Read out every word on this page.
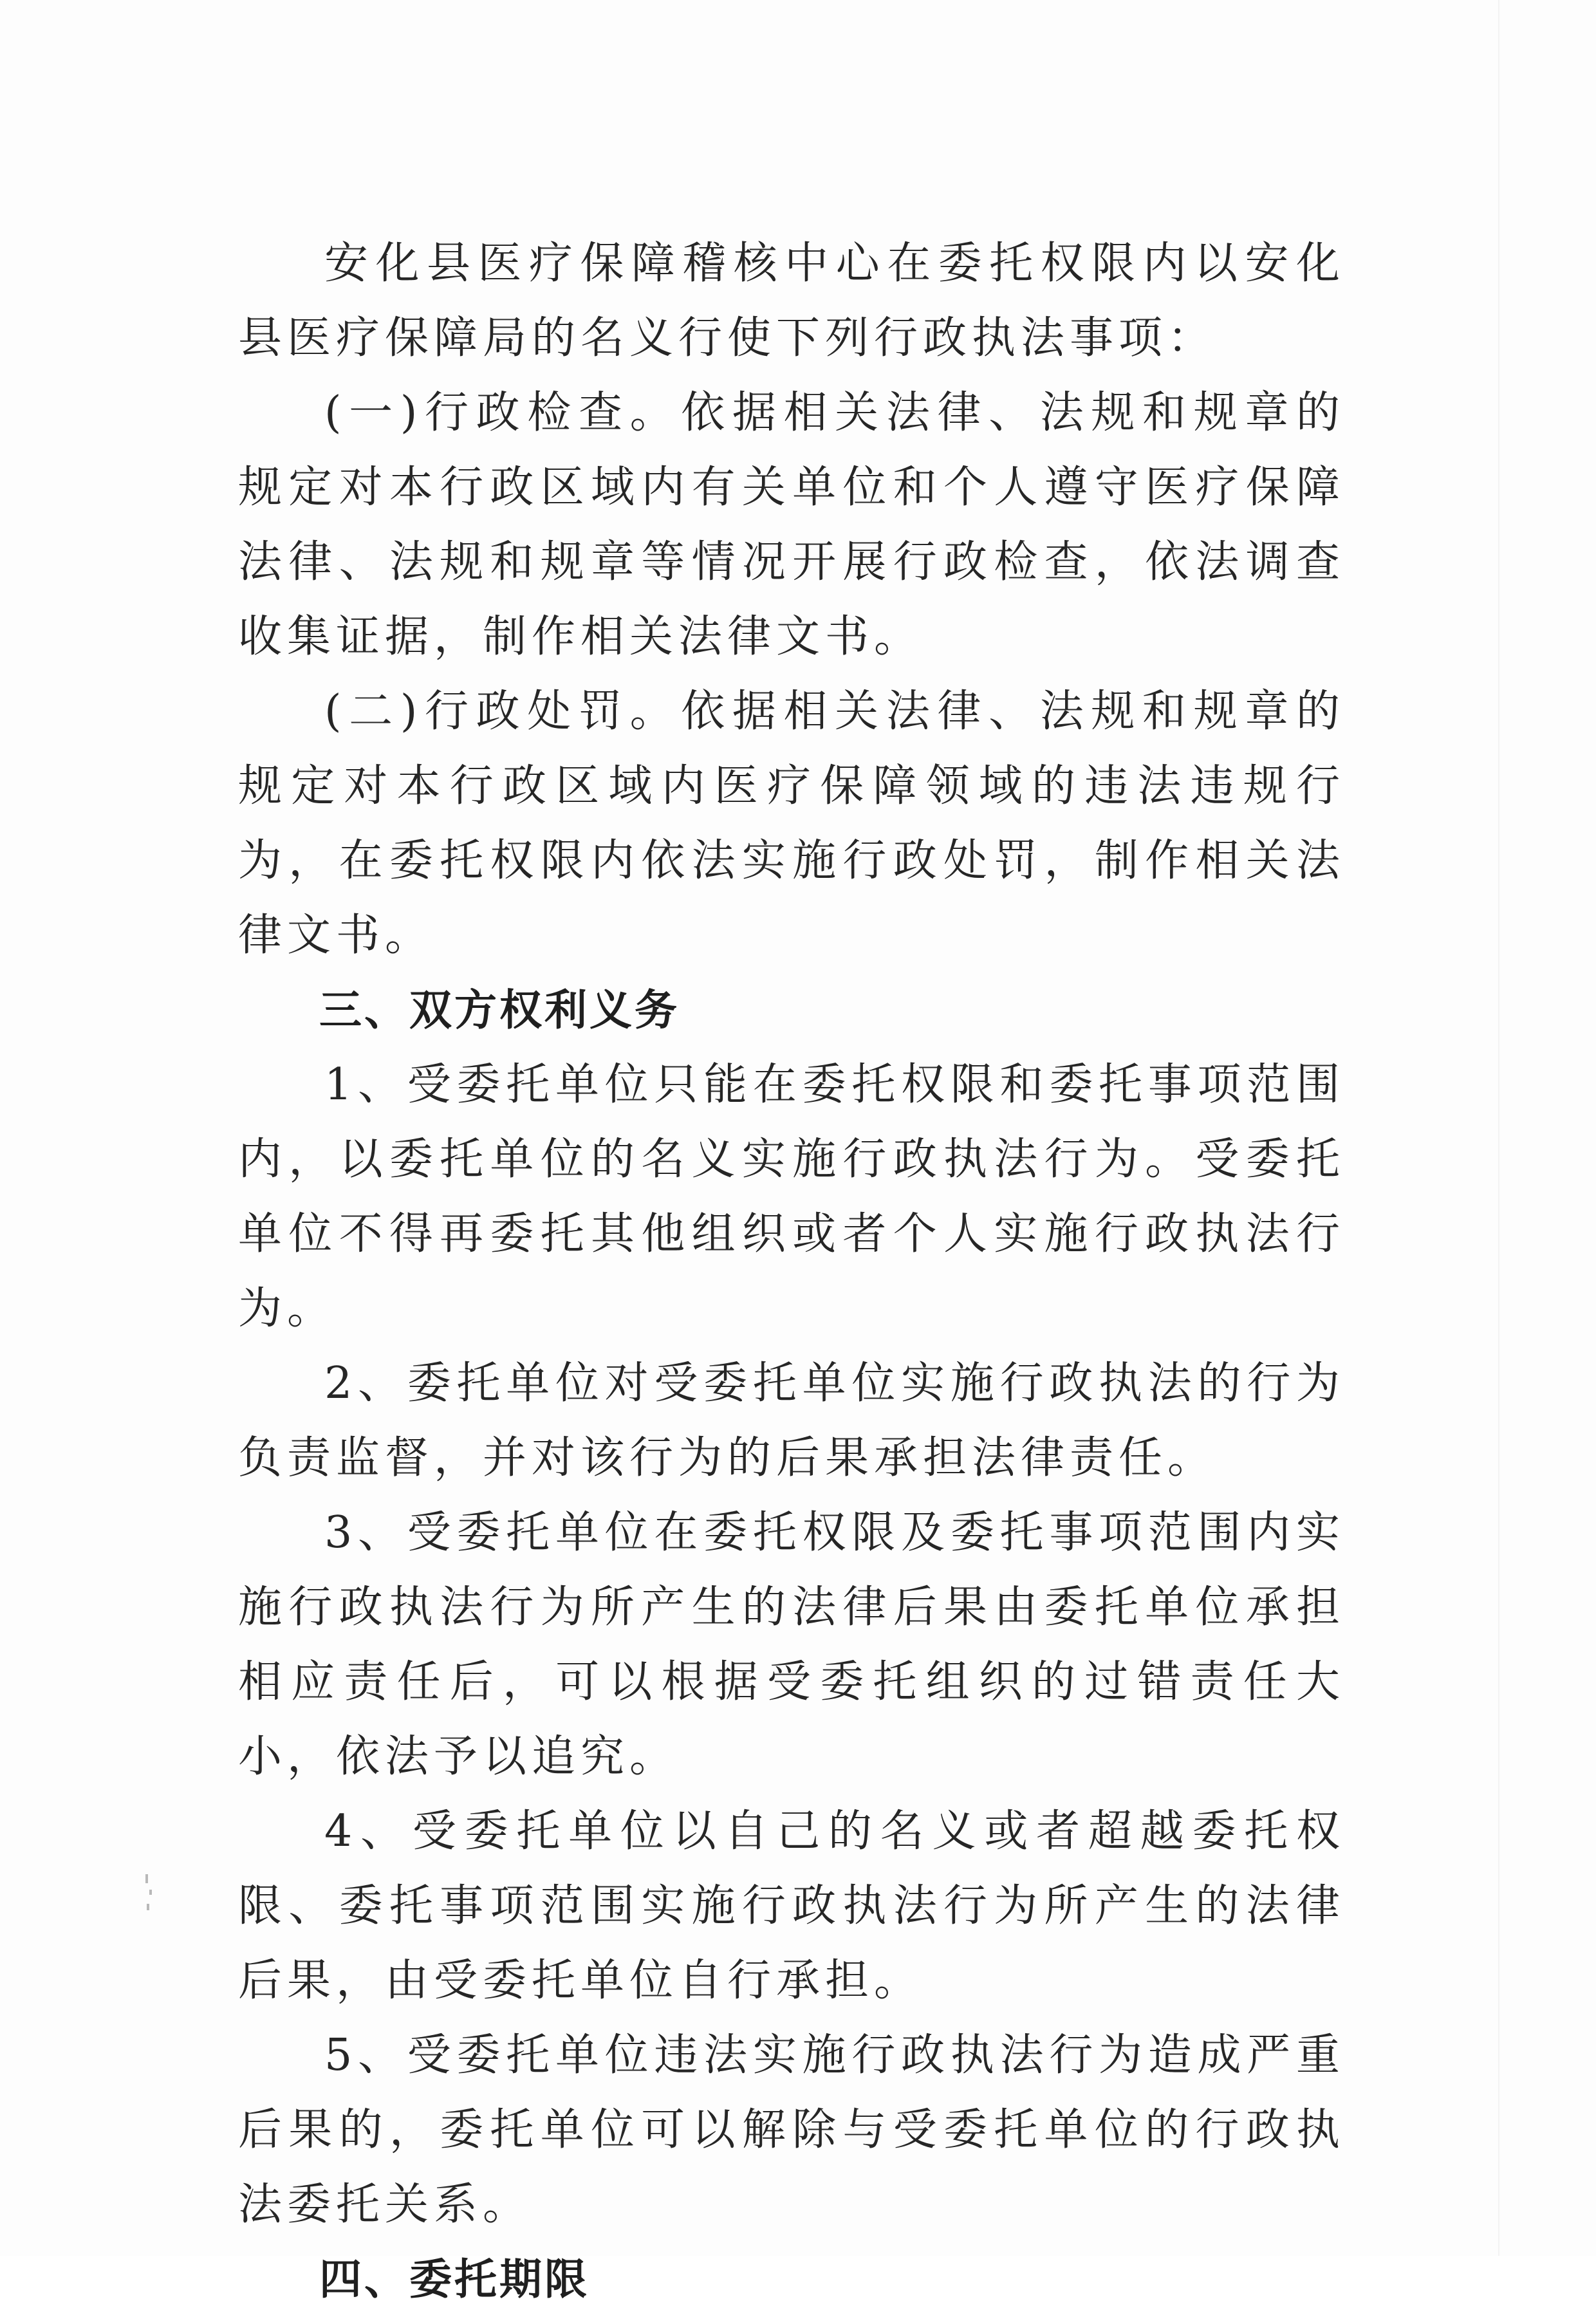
安化县医疗保障稽核中心在委托权限内以安化县医疗保障局的名义行使下列行政执法事项：

(一)行政检查。依据相关法律、法规和规章的规定对本行政区域内有关单位和个人遵守医疗保障法律、法规和规章等情况开展行政检查，依法调查收集证据，制作相关法律文书。

(二)行政处罚。依据相关法律、法规和规章的规定对本行政区域内医疗保障领域的违法违规行为，在委托权限内依法实施行政处罚，制作相关法律文书。

三、双方权利义务

1、受委托单位只能在委托权限和委托事项范围内，以委托单位的名义实施行政执法行为。受委托单位不得再委托其他组织或者个人实施行政执法行为。

2、委托单位对受委托单位实施行政执法的行为负责监督，并对该行为的后果承担法律责任。

3、受委托单位在委托权限及委托事项范围内实施行政执法行为所产生的法律后果由委托单位承担相应责任后，可以根据受委托组织的过错责任大小，依法予以追究。

4、受委托单位以自己的名义或者超越委托权限、委托事项范围实施行政执法行为所产生的法律后果，由受委托单位自行承担。

5、受委托单位违法实施行政执法行为造成严重后果的，委托单位可以解除与受委托单位的行政执法委托关系。

四、委托期限
